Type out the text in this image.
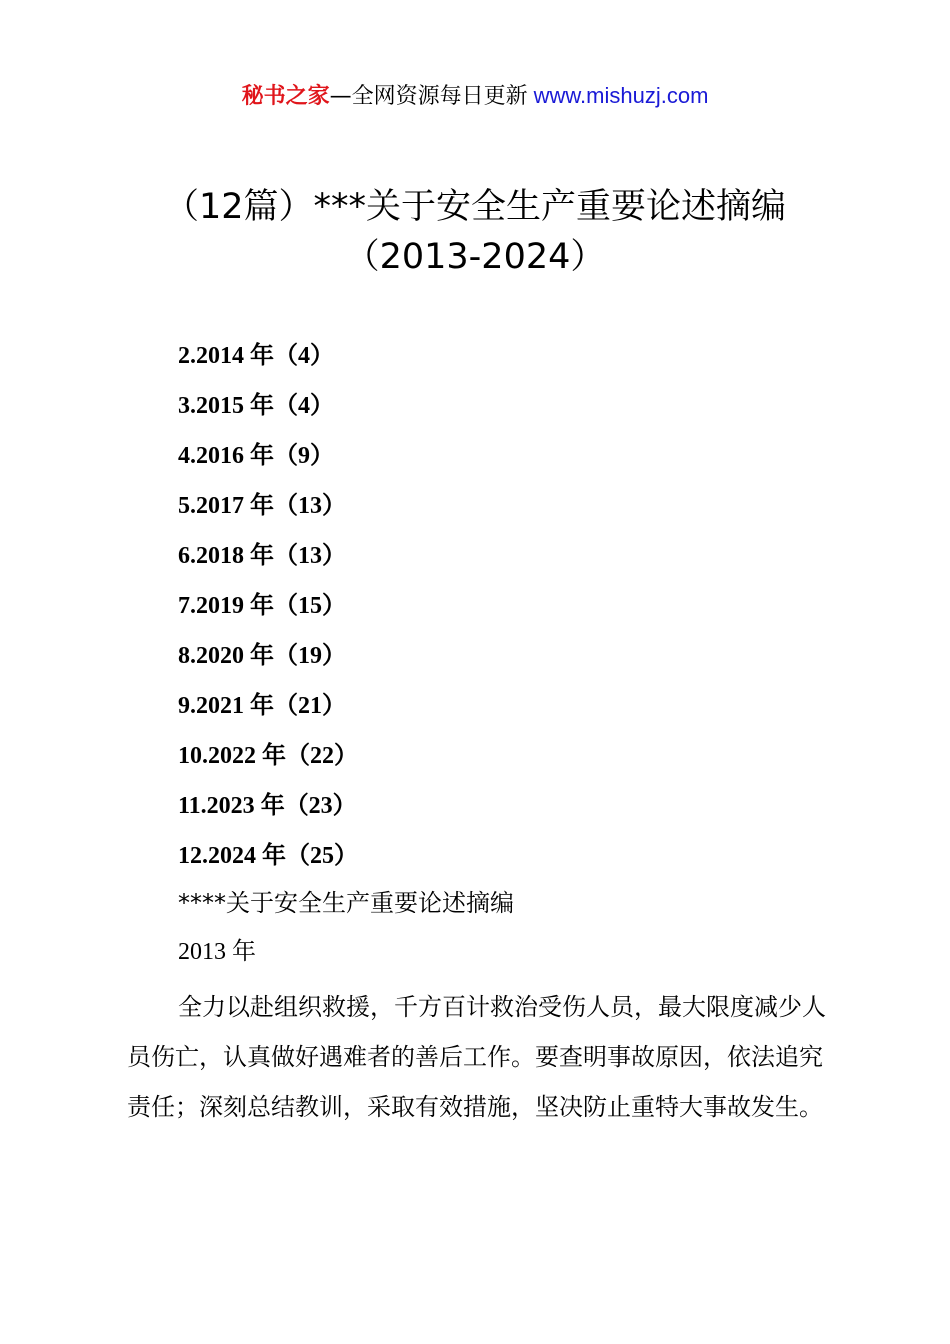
秘书之家—全网资源每日更新 www.mishuzj.com
（12篇）***关于安全生产重要论述摘编
（2013-2024）
2.2014 年（4）
3.2015 年（4）
4.2016 年（9）
5.2017 年（13）
6.2018 年（13）
7.2019 年（15）
8.2020 年（19）
9.2021 年（21）
10.2022 年（22）
11.2023 年（23）
12.2024 年（25）
****关于安全生产重要论述摘编
2013 年

全力以赴组织救援，千方百计救治受伤人员，最大限度减少人员伤亡，认真做好遇难者的善后工作。要查明事故原因，依法追究责任；深刻总结教训，采取有效措施，坚决防止重特大事故发生。
